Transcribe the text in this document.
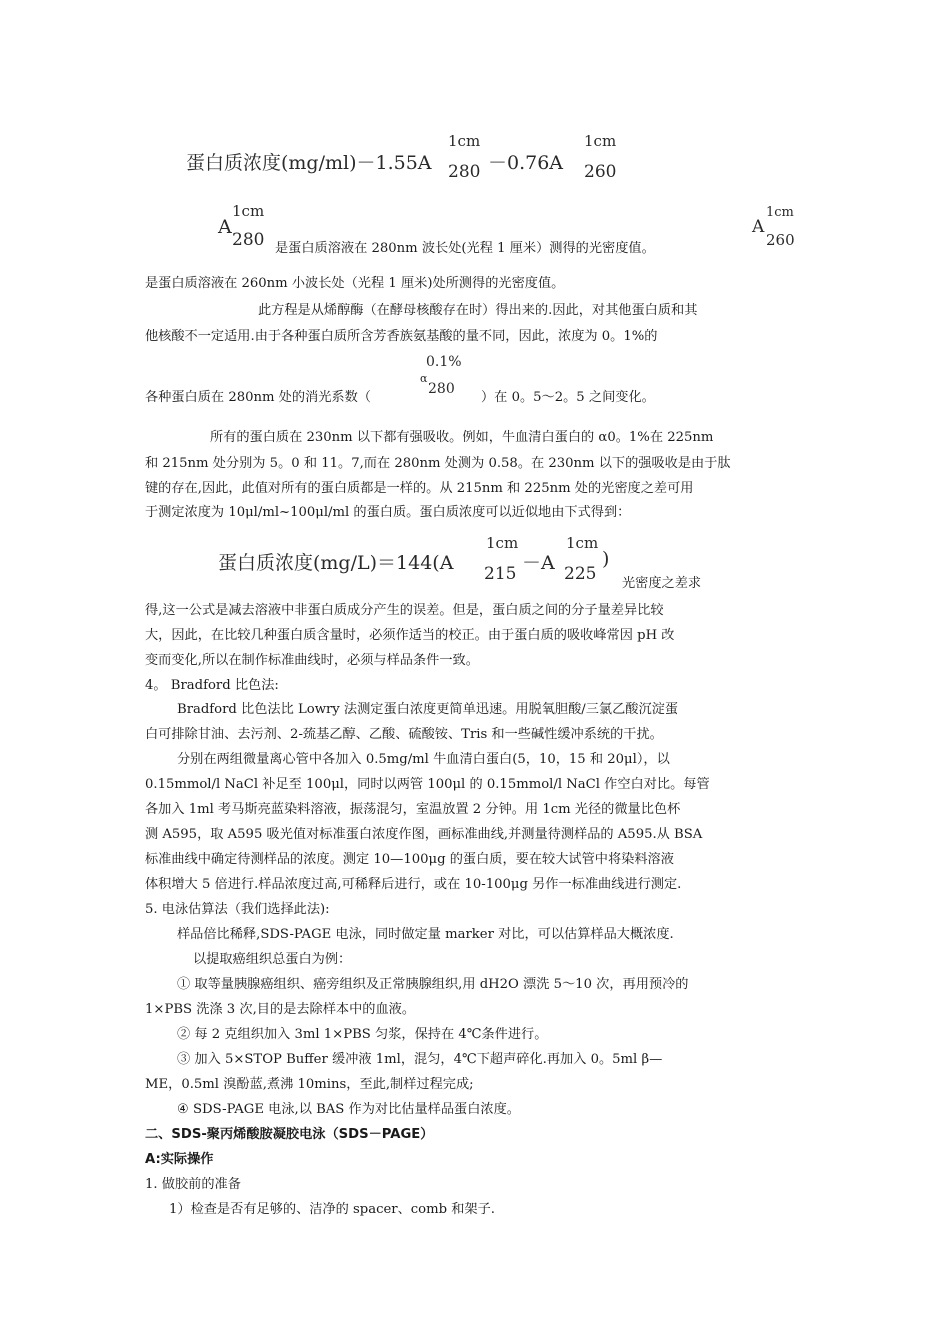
蛋白质浓度(mg/ml)－1.55A
1cm
280 －0.76A
1cm
260
A
1cm
280 是蛋白质溶液在 280nm 波长处(光程 1 厘米）测得的光密度值。
A
1cm
260
是蛋白质溶液在 260nm 小波长处（光程 1 厘米)处所测得的光密度值。
此方程是从烯醇酶（在酵母核酸存在时）得出来的.因此，对其他蛋白质和其
他核酸不一定适用.由于各种蛋白质所含芳香族氨基酸的量不同，因此，浓度为 0。1%的
0.1%
α
280
各种蛋白质在 280nm 处的消光系数（	）在 0。5～2。5 之间变化。
所有的蛋白质在 230nm 以下都有强吸收。例如，牛血清白蛋白的 α0。1%在 225nm
和 215nm 处分别为 5。0 和 11。7,而在 280nm 处测为 0.58。在 230nm 以下的强吸收是由于肽
键的存在,因此，此值对所有的蛋白质都是一样的。从 215nm 和 225nm 处的光密度之差可用
于测定浓度为 10μl/ml~100μl/ml 的蛋白质。蛋白质浓度可以近似地由下式得到：
蛋白质浓度(mg/L)＝144(A
1cm
215 －A
1cm
225
)
光密度之差求
得,这一公式是减去溶液中非蛋白质成分产生的误差。但是，蛋白质之间的分子量差异比较
大，因此，在比较几种蛋白质含量时，必须作适当的校正。由于蛋白质的吸收峰常因 pH 改
变而变化,所以在制作标准曲线时，必须与样品条件一致。
4。 Bradford 比色法:
Bradford 比色法比 Lowry 法测定蛋白浓度更简单迅速。用脱氧胆酸/三氯乙酸沉淀蛋
白可排除甘油、去污剂、2-巯基乙醇、乙酸、硫酸铵、Tris 和一些碱性缓冲系统的干扰。
分别在两组微量离心管中各加入 0.5mg/ml 牛血清白蛋白(5，10，15 和 20μl），以
0.15mmol/l NaCl 补足至 100μl，同时以两管 100μl 的 0.15mmol/l NaCl 作空白对比。每管
各加入 1ml 考马斯亮蓝染料溶液，振荡混匀，室温放置 2 分钟。用 1cm 光径的微量比色杯
测 A595，取 A595 吸光值对标准蛋白浓度作图，画标准曲线,并测量待测样品的 A595.从 BSA
标准曲线中确定待测样品的浓度。测定 10—100μg 的蛋白质，要在较大试管中将染料溶液
体积增大 5 倍进行.样品浓度过高,可稀释后进行，或在 10-100μg 另作一标准曲线进行测定.
5. 电泳估算法（我们选择此法):
样品倍比稀释,SDS-PAGE 电泳，同时做定量 marker 对比，可以估算样品大概浓度.
以提取癌组织总蛋白为例：
① 取等量胰腺癌组织、癌旁组织及正常胰腺组织,用 dH2O 漂洗 5～10 次，再用预冷的
1×PBS 洗涤 3 次,目的是去除样本中的血液。
② 每 2 克组织加入 3ml 1×PBS 匀浆，保持在 4℃条件进行。
③ 加入 5×STOP Buffer 缓冲液 1ml，混匀，4℃下超声碎化.再加入 0。5ml β—
ME，0.5ml 溴酚蓝,煮沸 10mins，至此,制样过程完成;
④ SDS-PAGE 电泳,以 BAS 作为对比估量样品蛋白浓度。
二、SDS-聚丙烯酸胺凝胶电泳（SDS－PAGE）
A:实际操作
1. 做胶前的准备
1）检查是否有足够的、洁净的 spacer、comb 和架子.
